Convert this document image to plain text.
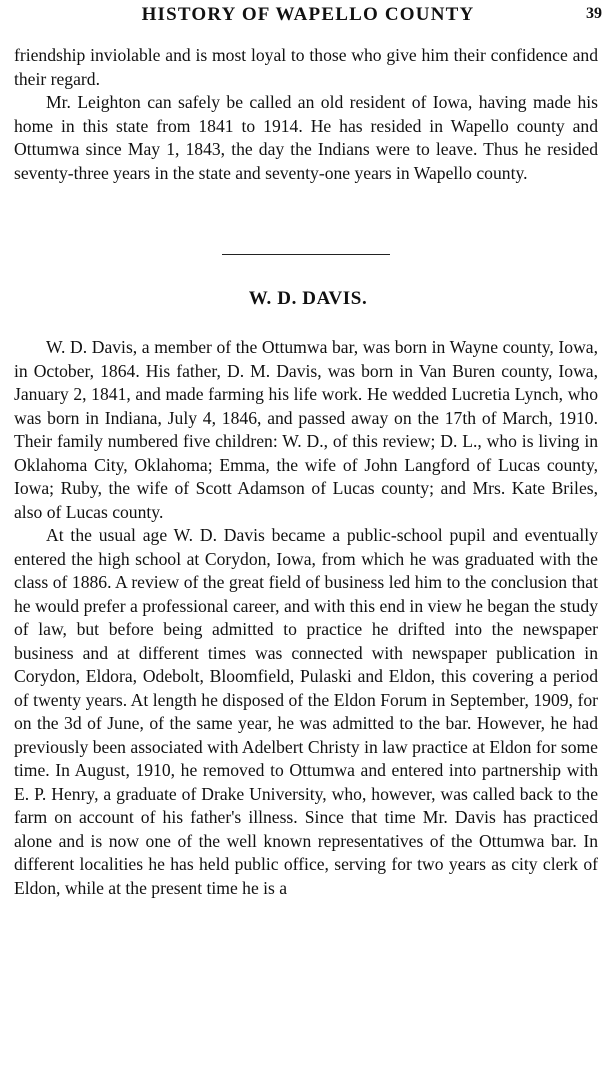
HISTORY OF WAPELLO COUNTY	39

friendship inviolable and is most loyal to those who give him their confidence and their regard.

Mr. Leighton can safely be called an old resident of Iowa, having made his home in this state from 1841 to 1914. He has resided in Wapello county and Ottumwa since May 1, 1843, the day the Indians were to leave. Thus he resided seventy-three years in the state and seventy-one years in Wapello county.

W. D. DAVIS.

W. D. Davis, a member of the Ottumwa bar, was born in Wayne county, Iowa, in October, 1864. His father, D. M. Davis, was born in Van Buren county, Iowa, January 2, 1841, and made farming his life work. He wedded Lucretia Lynch, who was born in Indiana, July 4, 1846, and passed away on the 17th of March, 1910. Their family numbered five children: W. D., of this review; D. L., who is living in Oklahoma City, Oklahoma; Emma, the wife of John Langford of Lucas county, Iowa; Ruby, the wife of Scott Adamson of Lucas county; and Mrs. Kate Briles, also of Lucas county.

At the usual age W. D. Davis became a public-school pupil and eventually entered the high school at Corydon, Iowa, from which he was graduated with the class of 1886. A review of the great field of business led him to the conclusion that he would prefer a professional career, and with this end in view he began the study of law, but before being admitted to practice he drifted into the newspaper business and at different times was connected with newspaper publication in Corydon, Eldora, Odebolt, Bloomfield, Pulaski and Eldon, this covering a period of twenty years. At length he disposed of the Eldon Forum in September, 1909, for on the 3d of June, of the same year, he was admitted to the bar. However, he had previously been associated with Adelbert Christy in law practice at Eldon for some time. In August, 1910, he removed to Ottumwa and entered into partnership with E. P. Henry, a graduate of Drake University, who, however, was called back to the farm on account of his father's illness. Since that time Mr. Davis has practiced alone and is now one of the well known representatives of the Ottumwa bar. In different localities he has held public office, serving for two years as city clerk of Eldon, while at the present time he is a
